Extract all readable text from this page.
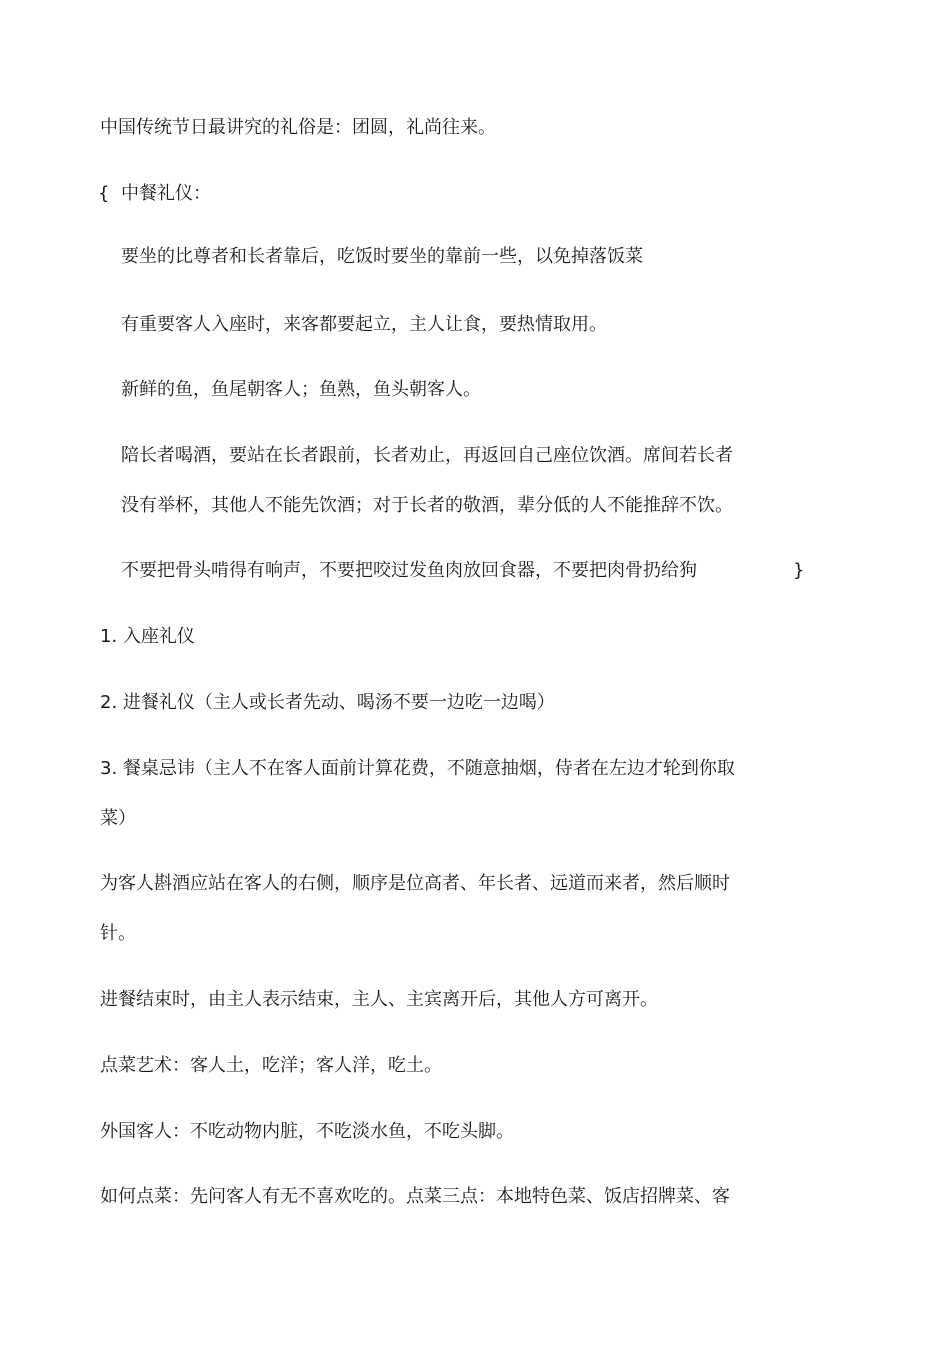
中国传统节日最讲究的礼俗是：团圆，礼尚往来。
{ 中餐礼仪：
要坐的比尊者和长者靠后，吃饭时要坐的靠前一些，以免掉落饭菜
有重要客人入座时，来客都要起立，主人让食，要热情取用。
新鲜的鱼，鱼尾朝客人；鱼熟，鱼头朝客人。
陪长者喝酒，要站在长者跟前，长者劝止，再返回自己座位饮酒。席间若长者
没有举杯，其他人不能先饮酒；对于长者的敬酒，辈分低的人不能推辞不饮。
不要把骨头啃得有响声，不要把咬过发鱼肉放回食器，不要把肉骨扔给狗	}
1. 入座礼仪
2. 进餐礼仪（主人或长者先动、喝汤不要一边吃一边喝）
3. 餐桌忌讳（主人不在客人面前计算花费，不随意抽烟，侍者在左边才轮到你取
菜）
为客人斟酒应站在客人的右侧，顺序是位高者、年长者、远道而来者，然后顺时
针。
进餐结束时，由主人表示结束，主人、主宾离开后，其他人方可离开。
点菜艺术：客人土，吃洋；客人洋，吃土。
外国客人：不吃动物内脏，不吃淡水鱼，不吃头脚。
如何点菜：先问客人有无不喜欢吃的。点菜三点：本地特色菜、饭店招牌菜、客
